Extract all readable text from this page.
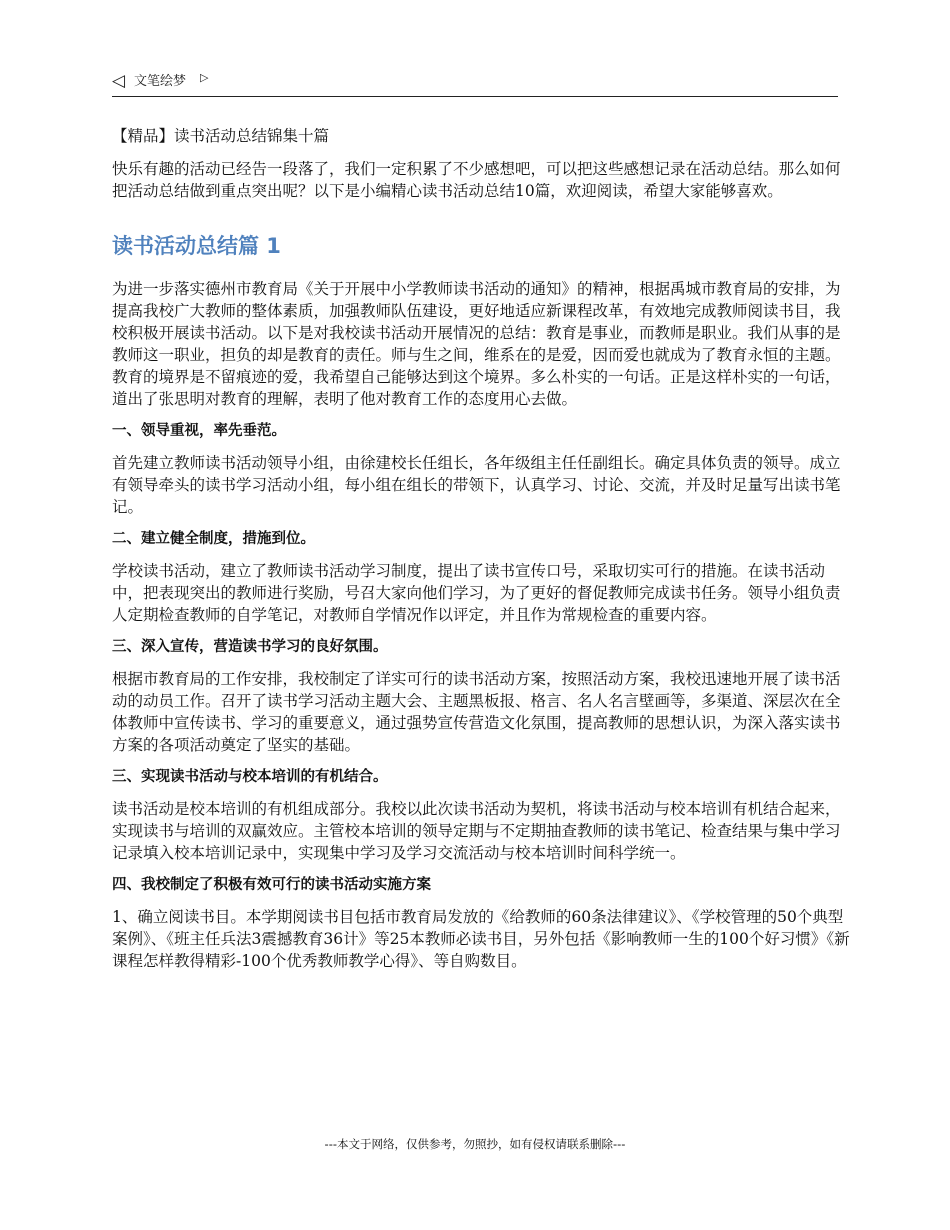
◁ 文笔绘梦 ▷
【精品】读书活动总结锦集十篇

快乐有趣的活动已经告一段落了，我们一定积累了不少感想吧，可以把这些感想记录在活动总结。那么如何把活动总结做到重点突出呢？以下是小编精心读书活动总结10篇，欢迎阅读，希望大家能够喜欢。

读书活动总结篇 1

为进一步落实德州市教育局《关于开展中小学教师读书活动的通知》的精神，根据禹城市教育局的安排，为提高我校广大教师的整体素质，加强教师队伍建设，更好地适应新课程改革，有效地完成教师阅读书目，我校积极开展读书活动。以下是对我校读书活动开展情况的总结：教育是事业，而教师是职业。我们从事的是教师这一职业，担负的却是教育的责任。师与生之间，维系在的是爱，因而爱也就成为了教育永恒的主题。教育的境界是不留痕迹的爱，我希望自己能够达到这个境界。多么朴实的一句话。正是这样朴实的一句话，道出了张思明对教育的理解，表明了他对教育工作的态度用心去做。

一、领导重视，率先垂范。

首先建立教师读书活动领导小组，由徐建校长任组长，各年级组主任任副组长。确定具体负责的领导。成立有领导牵头的读书学习活动小组，每小组在组长的带领下，认真学习、讨论、交流，并及时足量写出读书笔记。

二、建立健全制度，措施到位。

学校读书活动，建立了教师读书活动学习制度，提出了读书宣传口号，采取切实可行的措施。在读书活动中，把表现突出的教师进行奖励，号召大家向他们学习，为了更好的督促教师完成读书任务。领导小组负责人定期检查教师的自学笔记，对教师自学情况作以评定，并且作为常规检查的重要内容。

三、深入宣传，营造读书学习的良好氛围。

根据市教育局的工作安排，我校制定了详实可行的读书活动方案，按照活动方案，我校迅速地开展了读书活动的动员工作。召开了读书学习活动主题大会、主题黑板报、格言、名人名言壁画等，多渠道、深层次在全体教师中宣传读书、学习的重要意义，通过强势宣传营造文化氛围，提高教师的思想认识，为深入落实读书方案的各项活动奠定了坚实的基础。

三、实现读书活动与校本培训的有机结合。

读书活动是校本培训的有机组成部分。我校以此次读书活动为契机，将读书活动与校本培训有机结合起来，实现读书与培训的双赢效应。主管校本培训的领导定期与不定期抽查教师的读书笔记、检查结果与集中学习记录填入校本培训记录中，实现集中学习及学习交流活动与校本培训时间科学统一。

四、我校制定了积极有效可行的读书活动实施方案

1、确立阅读书目。本学期阅读书目包括市教育局发放的《给教师的60条法律建议》、《学校管理的50个典型案例》、《班主任兵法3震撼教育36计》等25本教师必读书目，另外包括《影响教师一生的100个好习惯》《新课程怎样教得精彩-100个优秀教师教学心得》、等自购数目。

---本文于网络，仅供参考，勿照抄，如有侵权请联系删除---
